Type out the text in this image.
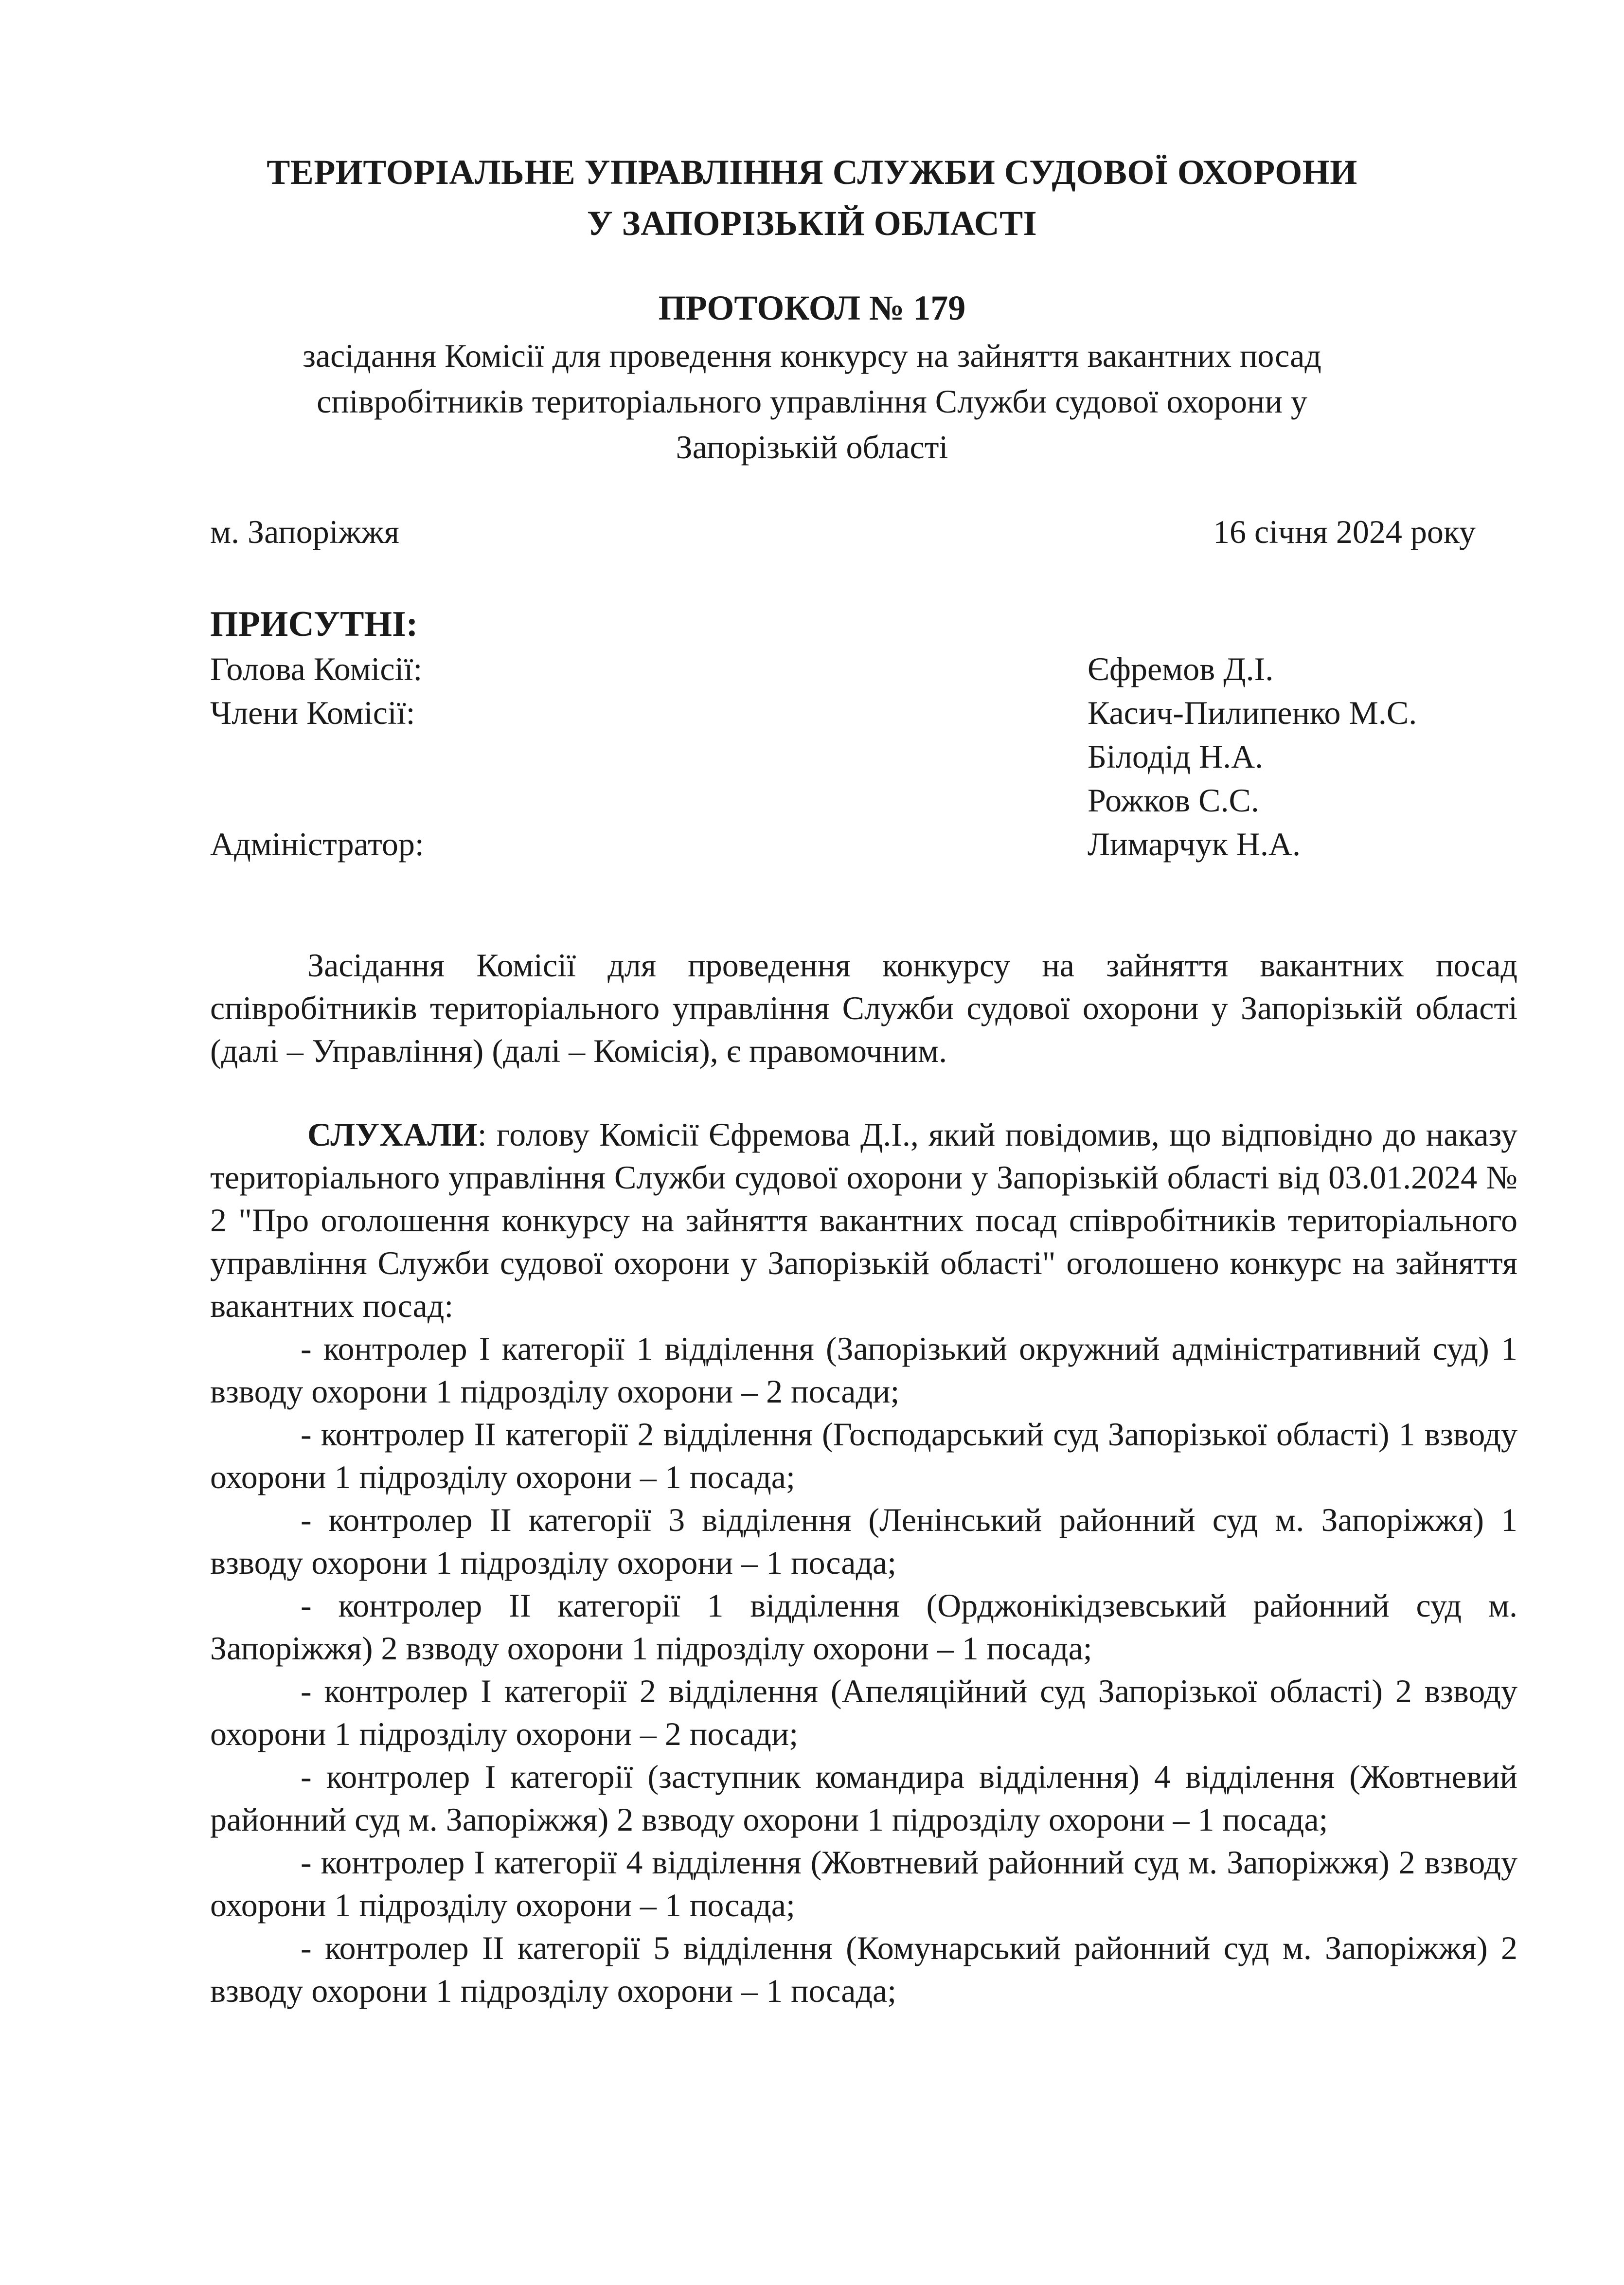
ТЕРИТОРІАЛЬНЕ УПРАВЛІННЯ СЛУЖБИ СУДОВОЇ ОХОРОНИ
У ЗАПОРІЗЬКІЙ ОБЛАСТІ
ПРОТОКОЛ № 179
засідання Комісії для проведення конкурсу на зайняття вакантних посад співробітників територіального управління Служби судової охорони у Запорізькій області
м. Запоріжжя	16 січня 2024 року
ПРИСУТНІ:
Голова Комісії:	Єфремов Д.І.
Члени Комісії:	Касич-Пилипенко М.С.
Білодід Н.А.
Рожков С.С.
Адміністратор:	Лимарчук Н.А.
Засідання Комісії для проведення конкурсу на зайняття вакантних посад співробітників територіального управління Служби судової охорони у Запорізькій області (далі – Управління) (далі – Комісія), є правомочним.

СЛУХАЛИ: голову Комісії Єфремова Д.І., який повідомив, що відповідно до наказу територіального управління Служби судової охорони у Запорізькій області від 03.01.2024 № 2 "Про оголошення конкурсу на зайняття вакантних посад співробітників територіального управління Служби судової охорони у Запорізькій області" оголошено конкурс на зайняття вакантних посад:

- контролер I категорії 1 відділення (Запорізький окружний адміністративний суд) 1 взводу охорони 1 підрозділу охорони – 2 посади;

- контролер II категорії 2 відділення (Господарський суд Запорізької області) 1 взводу охорони 1 підрозділу охорони – 1 посада;

- контролер II категорії 3 відділення (Ленінський районний суд м. Запоріжжя) 1 взводу охорони 1 підрозділу охорони – 1 посада;

- контролер II категорії 1 відділення (Орджонікідзевський районний суд м. Запоріжжя) 2 взводу охорони 1 підрозділу охорони – 1 посада;

- контролер I категорії 2 відділення (Апеляційний суд Запорізької області) 2 взводу охорони 1 підрозділу охорони – 2 посади;

- контролер I категорії (заступник командира відділення) 4 відділення (Жовтневий районний суд м. Запоріжжя) 2 взводу охорони 1 підрозділу охорони – 1 посада;

- контролер I категорії 4 відділення (Жовтневий районний суд м. Запоріжжя) 2 взводу охорони 1 підрозділу охорони – 1 посада;

- контролер II категорії 5 відділення (Комунарський районний суд м. Запоріжжя) 2 взводу охорони 1 підрозділу охорони – 1 посада;
